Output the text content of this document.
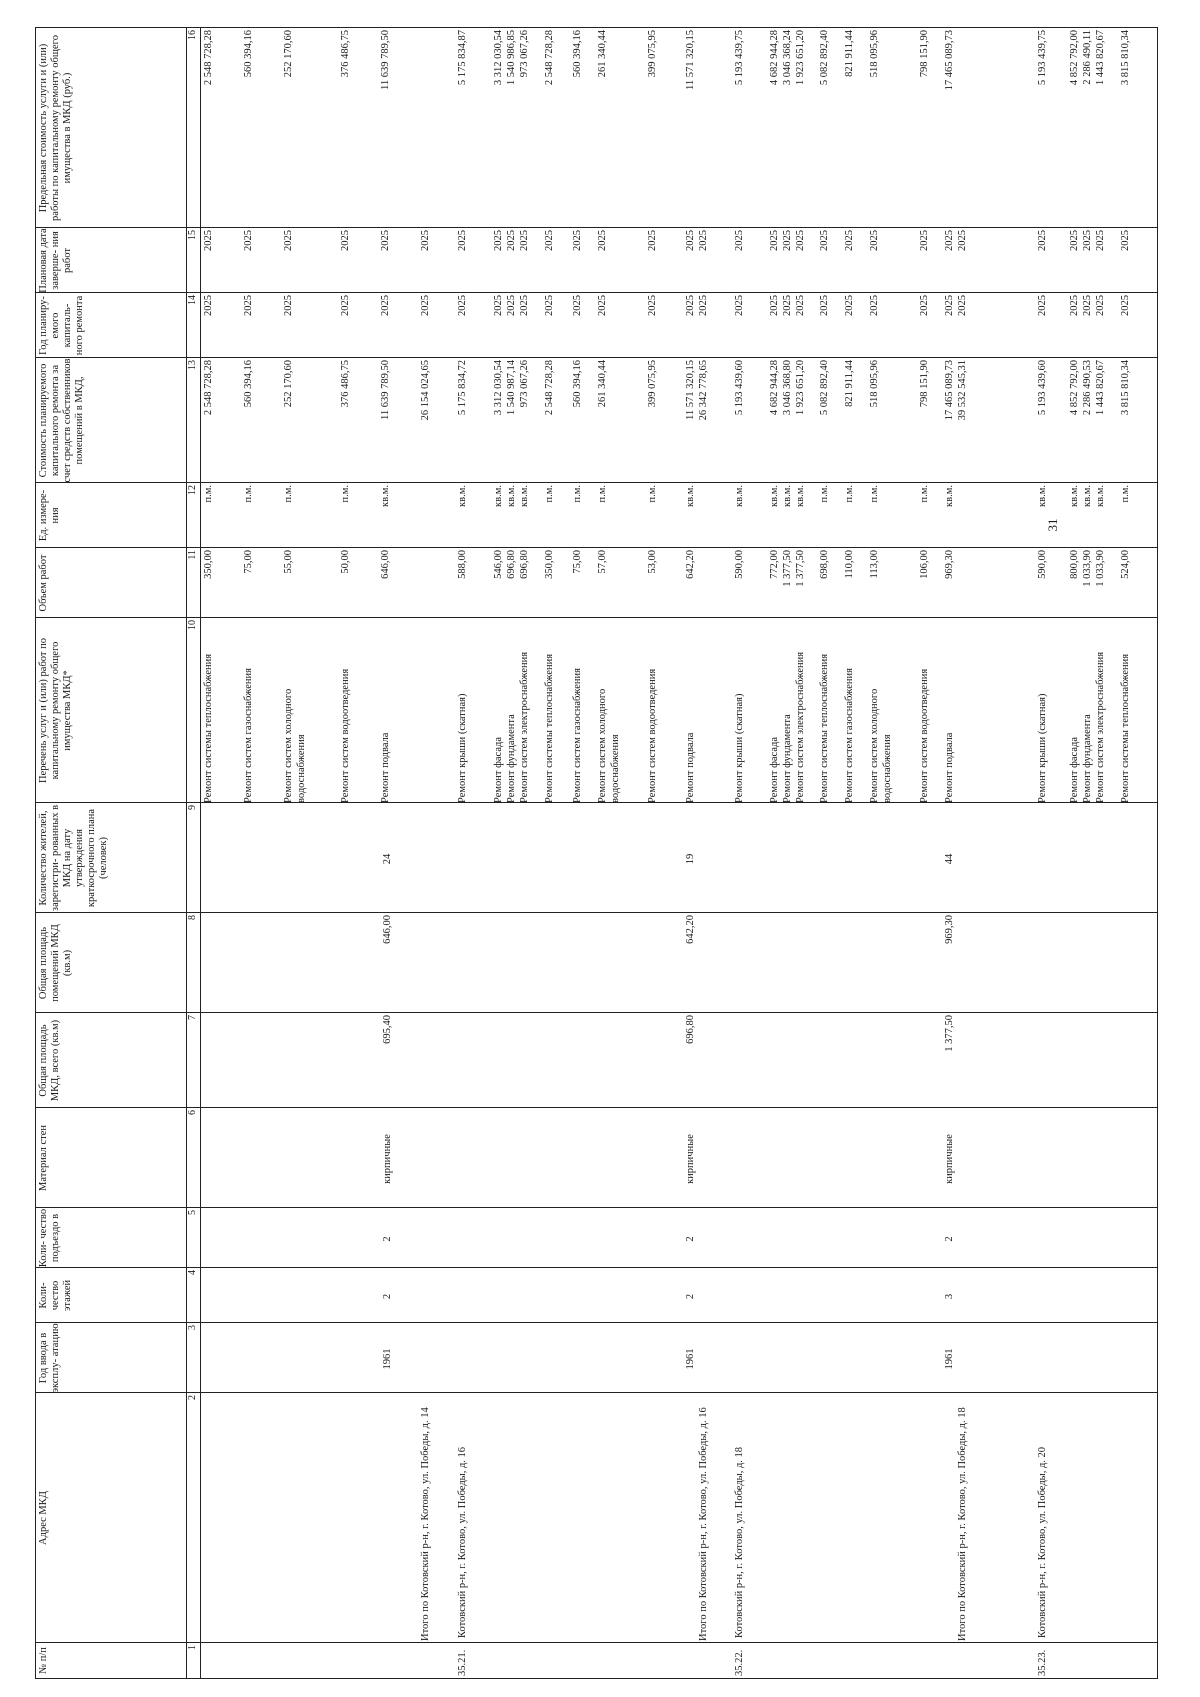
31
№ п/п
Адрес МКД
Год ввода в эксплу- атацию
Коли- чество этажей
Коли- чество подъездо в
Материал стен
Общая площадь МКД, всего (кв.м)
Общая площадь помещений МКД (кв.м)
Количество жителей, зарегистри- рованных в МКД на дату утверждения краткосрочного плана (человек)
Перечень услуг и (или) работ по капитальному ремонту общего имущества МКД*
Объем работ
Ед. измере- ния
Стоимость планируемого капитального ремонта за счет средств собственников помещений в МКД,
Год планиру- емого капиталь- ного ремонта
Плановая дата заверше- ния работ
Предельная стоимость услуги и (или) работы по капитальному ремонту общего имущества в МКД (руб.)
1
2
3
4
5
6
7
8
9
10
11
12
13
14
15
16
Ремонт системы теплоснабжения
350,00
п.м.
2 548 728,28
2025
2025
2 548 728,28
Ремонт систем газоснабжения
75,00
п.м.
560 394,16
2025
2025
560 394,16
Ремонт систем холодного водоснабжения
55,00
п.м.
252 170,60
2025
2025
252 170,60
Ремонт систем водоотведения
50,00
п.м.
376 486,75
2025
2025
376 486,75
Ремонт подвала
646,00
кв.м.
11 639 789,50
2025
2025
11 639 789,50
Итого по Котовский р-н, г. Котово, ул. Победы, д. 14
1961
2
2
кирпичные
695,40
646,00
24
26 154 024,65
2025
2025
35.21.
Котовский р-н, г. Котово, ул. Победы, д. 16
Ремонт крыши (скатная)
588,00
кв.м.
5 175 834,72
2025
2025
5 175 834,87
Ремонт фасада
546,00
кв.м.
3 312 030,54
2025
2025
3 312 030,54
Ремонт фундамента
696,80
кв.м.
1 540 987,14
2025
2025
1 540 986,85
Ремонт систем электроснабжения
696,80
кв.м.
973 067,26
2025
2025
973 067,26
Ремонт системы теплоснабжения
350,00
п.м.
2 548 728,28
2025
2025
2 548 728,28
Ремонт систем газоснабжения
75,00
п.м.
560 394,16
2025
2025
560 394,16
Ремонт систем холодного водоснабжения
57,00
п.м.
261 340,44
2025
2025
261 340,44
Ремонт систем водоотведения
53,00
п.м.
399 075,95
2025
2025
399 075,95
Ремонт подвала
642,20
кв.м.
11 571 320,15
2025
2025
11 571 320,15
Итого по Котовский р-н, г. Котово, ул. Победы, д. 16
1961
2
2
кирпичные
696,80
642,20
19
26 342 778,65
2025
2025
35.22.
Котовский р-н, г. Котово, ул. Победы, д. 18
Ремонт крыши (скатная)
590,00
кв.м.
5 193 439,60
2025
2025
5 193 439,75
Ремонт фасада
772,00
кв.м.
4 682 944,28
2025
2025
4 682 944,28
Ремонт фундамента
1 377,50
кв.м.
3 046 368,80
2025
2025
3 046 368,24
Ремонт систем электроснабжения
1 377,50
кв.м.
1 923 651,20
2025
2025
1 923 651,20
Ремонт системы теплоснабжения
698,00
п.м.
5 082 892,40
2025
2025
5 082 892,40
Ремонт систем газоснабжения
110,00
п.м.
821 911,44
2025
2025
821 911,44
Ремонт систем холодного водоснабжения
113,00
п.м.
518 095,96
2025
2025
518 095,96
Ремонт систем водоотведения
106,00
п.м.
798 151,90
2025
2025
798 151,90
Ремонт подвала
969,30
кв.м.
17 465 089,73
2025
2025
17 465 089,73
Итого по Котовский р-н, г. Котово, ул. Победы, д. 18
1961
3
2
кирпичные
1 377,50
969,30
44
39 532 545,31
2025
2025
35.23.
Котовский р-н, г. Котово, ул. Победы, д. 20
Ремонт крыши (скатная)
590,00
кв.м.
5 193 439,60
2025
2025
5 193 439,75
Ремонт фасада
800,00
кв.м.
4 852 792,00
2025
2025
4 852 792,00
Ремонт фундамента
1 033,90
кв.м.
2 286 490,53
2025
2025
2 286 490,11
Ремонт систем электроснабжения
1 033,90
кв.м.
1 443 820,67
2025
2025
1 443 820,67
Ремонт системы теплоснабжения
524,00
п.м.
3 815 810,34
2025
2025
3 815 810,34
